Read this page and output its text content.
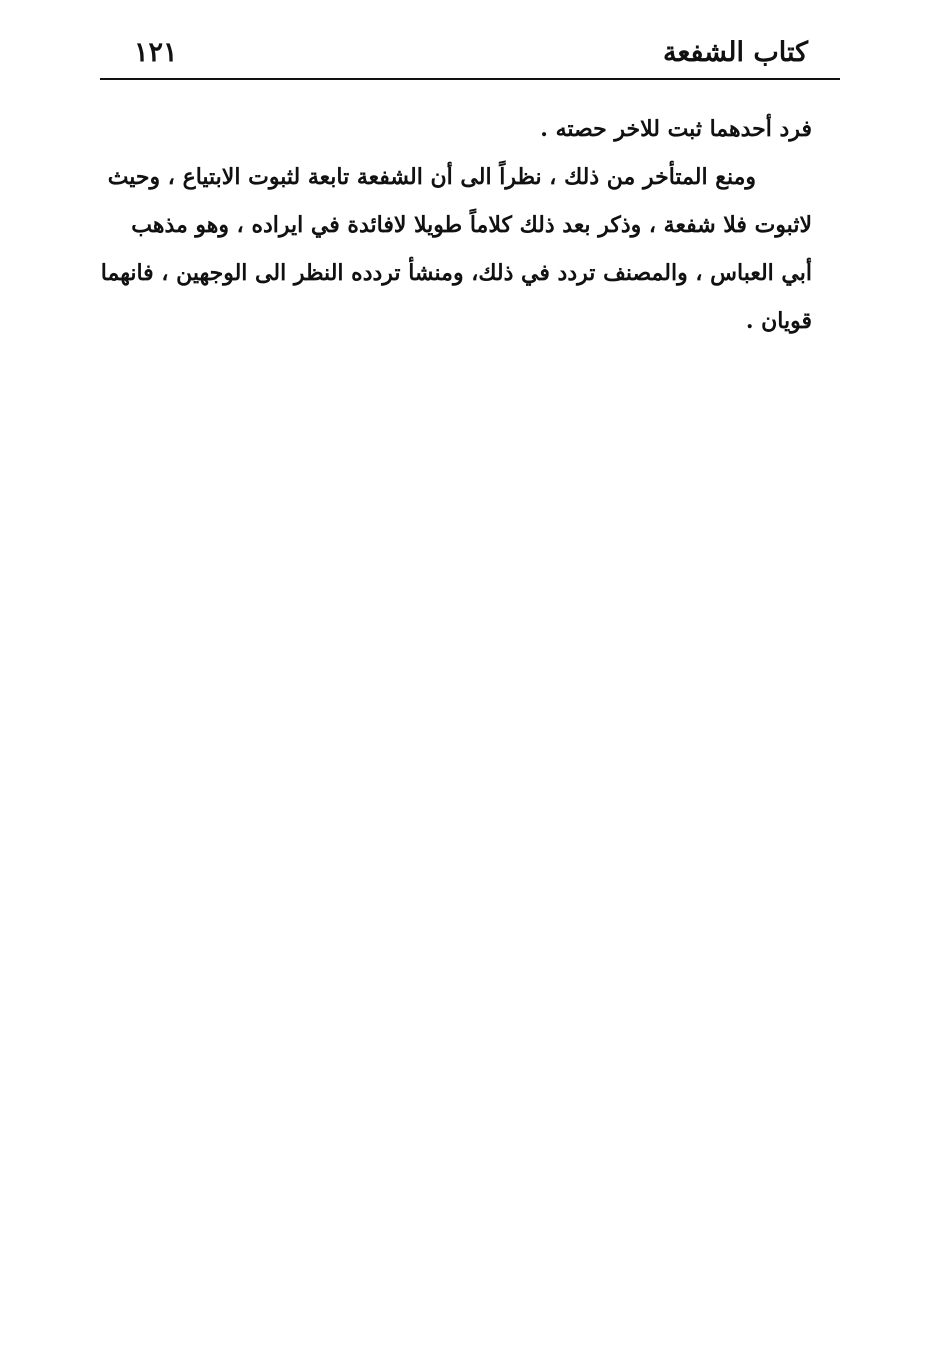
كتاب الشفعة
١٢١
فرد أحدهما ثبت للاخر حصته .
ومنع المتأخر من ذلك ، نظراً الى أن الشفعة تابعة لثبوت الابتياع ، وحيث
لاثبوت فلا شفعة ، وذكر بعد ذلك كلاماً طويلا لافائدة في ايراده ، وهو مذهب
أبي العباس ، والمصنف تردد في ذلك، ومنشأ تردده النظر الى الوجهين ، فانهما
قويان .
